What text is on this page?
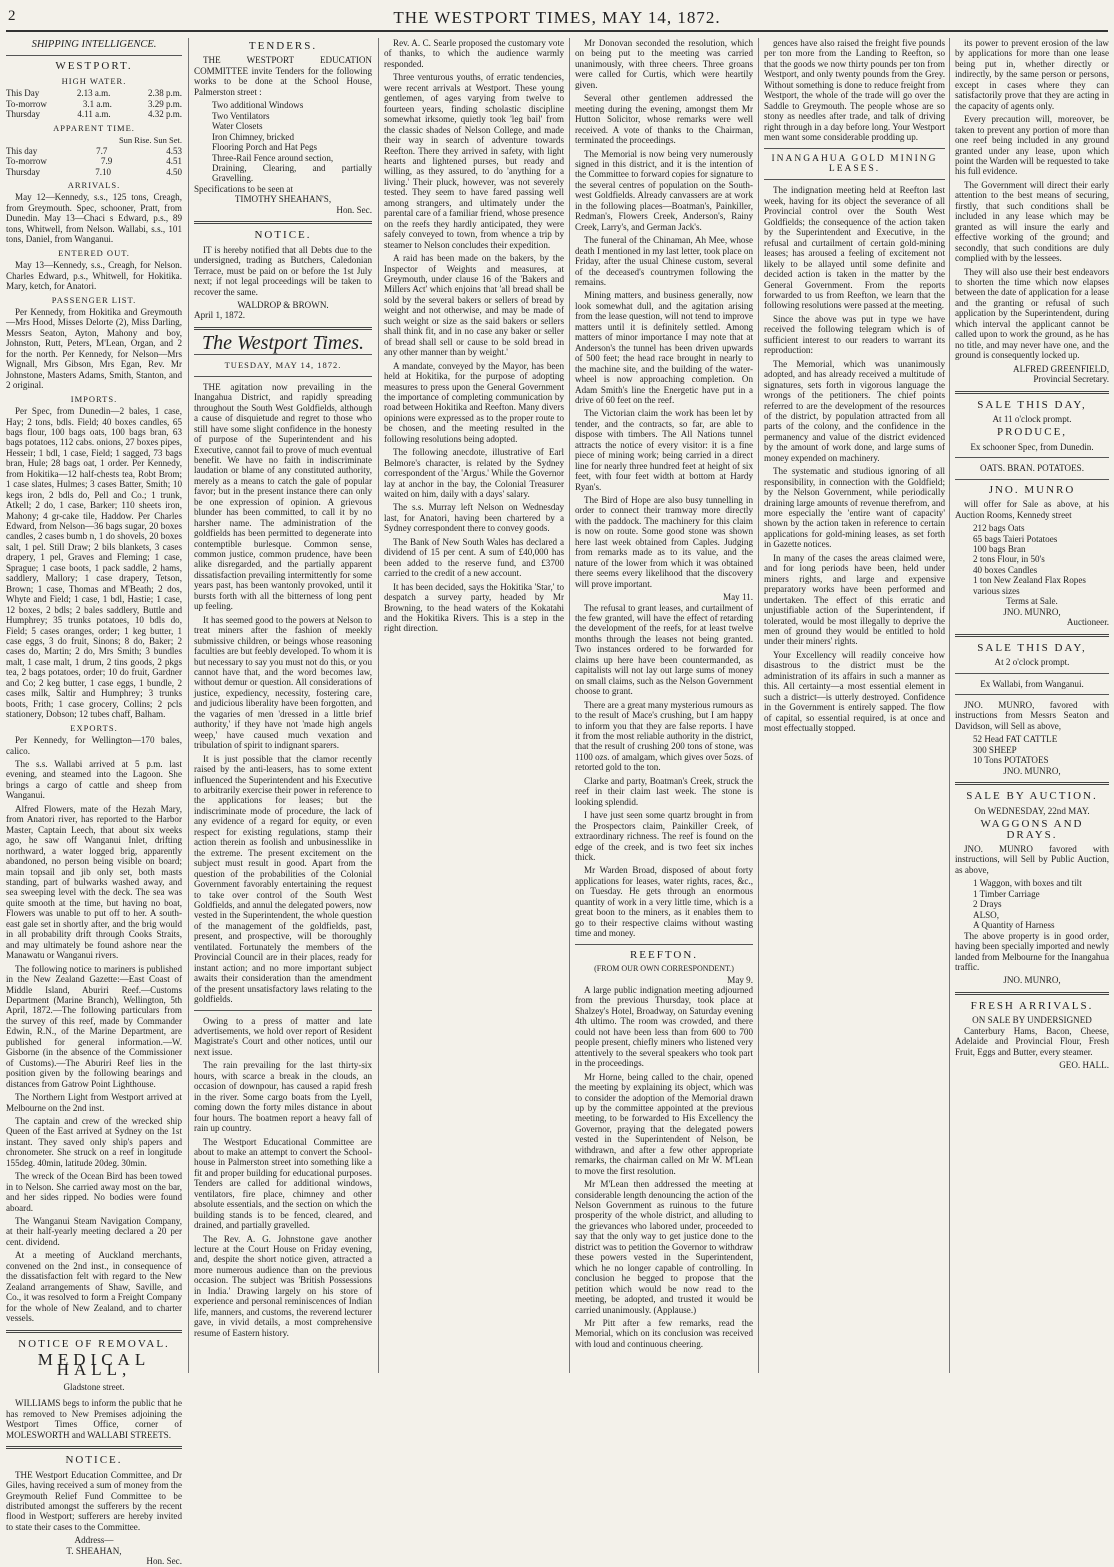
2	THE WESTPORT TIMES, MAY 14, 1872.
SHIPPING INTELLIGENCE.
WESTPORT.
HIGH WATER.
This Day	2.13 a.m.	2.38 p.m.
To-morrow	3.1 a.m.	3.29 p.m.
Thursday	4.11 a.m.	4.32 p.m.
APPARENT TIME.
Sun Rise. Sun Set.
This day	7.7	4.53
To-morrow	7.9	4.51
Thursday	7.10	4.50
ARRIVALS.

May 12—Kennedy, s.s., 125 tons, Creagh, from Greymouth. Spec, schooner, Pratt, from Dunedin. May 13—Chaci s Edward, p.s., 89 tons, Whitwell, from Nelson. Wallabi, s.s., 101 tons, Daniel, from Wanganui.

ENTERED OUT.

May 13—Kennedy, s.s., Creagh, for Nelson. Charles Edward, p.s., Whitwell, for Hokitika. Mary, ketch, for Anatori.

PASSENGER LIST.

Per Kennedy, from Hokitika and Greymouth—Mrs Hood, Misses Delorte (2), Miss Darling, Messrs Seaton, Ayton, Mahony and boy, Johnston, Rutt, Peters, M'Lean, Organ, and 2 for the north. Per Kennedy, for Nelson—Mrs Wignall, Mrs Gibson, Mrs Egan, Rev. Mr Johnstone, Masters Adams, Smith, Stanton, and 2 original.

IMPORTS.

Per Spec, from Dunedin—2 bales, 1 case, Hay; 2 tons, bdls. Field; 40 boxes candles, 65 bags flour, 100 bags oats, 100 bags bran, 63 bags potatoes, 112 cabs. onions, 27 boxes pipes, Hesseir; 1 bdl, 1 case, Field; 1 sagged, 73 bags bran, Hule; 28 bags oat, 1 order. Per Kennedy, from Hokitika—12 half-chests tea, Robt Brom; 1 case slates, Hulmes; 3 cases Batter, Smith; 10 kegs iron, 2 bdls do, Pell and Co.; 1 trunk, Atkell; 2 do, 1 case, Barker; 110 sheets iron, Mahony; 4 gr-cake tile, Haddow. Per Charles Edward, from Nelson—36 bags sugar, 20 boxes candles, 2 cases bumb n, 1 do shovels, 20 boxes salt, 1 pel. Still Draw; 2 bils blankets, 3 cases drapery, 1 pel, Graves and Fleming; 1 case, Sprague; 1 case boots, 1 pack saddle, 2 hams, saddlery, Mallory; 1 case drapery, Tetson, Brown; 1 case, Thomas and M'Beath; 2 dos, Whyte and Field; 1 case, 1 bdl, Hastie; 1 case, 12 boxes, 2 bdls; 2 bales saddlery, Buttle and Humphrey; 35 trunks potatoes, 10 bdls do, Field; 5 cases oranges, order; 1 keg butter, 1 case eggs, 3 do fruit, Sinons; 8 do, Baker; 2 cases do, Martin; 2 do, Mrs Smith; 3 bundles malt, 1 case malt, 1 drum, 2 tins goods, 2 pkgs tea, 2 bags potatoes, order; 10 do fruit, Gardner and Co; 2 keg butter, 1 case eggs, 1 bundle, 2 cases milk, Saltir and Humphrey; 3 trunks boots, Frith; 1 case grocery, Collins; 2 pcls stationery, Dobson; 12 tubes chaff, Balham.

EXPORTS.

Per Kennedy, for Wellington—170 bales, calico.

The s.s. Wallabi arrived at 5 p.m. last evening, and steamed into the Lagoon. She brings a cargo of cattle and sheep from Wanganui.

Alfred Flowers, mate of the Hezah Mary, from Anatori river, has reported to the Harbor Master, Captain Leech, that about six weeks ago, he saw off Wanganui Inlet, drifting northward, a water logged brig, apparently abandoned, no person being visible on board; main topsail and jib only set, both masts standing, part of bulwarks washed away, and sea sweeping level with the deck. The sea was quite smooth at the time, but having no boat, Flowers was unable to put off to her. A south-east gale set in shortly after, and the brig would in all probability drift through Cooks Straits, and may ultimately be found ashore near the Manawatu or Wanganui rivers.

The following notice to mariners is published in the New Zealand Gazette:—East Coast of Middle Island, Aburiri Reef.—Customs Department (Marine Branch), Wellington, 5th April, 1872.—The following particulars from the survey of this reef, made by Commander Edwin, R.N., of the Marine Department, are published for general information.—W. Gisborne (in the absence of the Commissioner of Customs).—The Aburiri Reef lies in the position given by the following bearings and distances from Gatrow Point Lighthouse.

The Northern Light from Westport arrived at Melbourne on the 2nd inst.

The captain and crew of the wrecked ship Queen of the East arrived at Sydney on the 1st instant. They saved only ship's papers and chronometer. She struck on a reef in longitude 155deg. 40min, latitude 20deg. 30min.

The wreck of the Ocean Bird has been towed in to Nelson. She carried away most on the bar, and her sides ripped. No bodies were found aboard.

The Wanganui Steam Navigation Company, at their half-yearly meeting declared a 20 per cent. dividend.

At a meeting of Auckland merchants, convened on the 2nd inst., in consequence of the dissatisfaction felt with regard to the New Zealand arrangements of Shaw, Saville, and Co., it was resolved to form a Freight Company for the whole of New Zealand, and to charter vessels.

NOTICE OF REMOVAL.
MEDICAL HALL,
Gladstone street.

WILLIAMS begs to inform the public that he has removed to New Premises adjoining the Westport Times Office, corner of MOLESWORTH and WALLABI STREETS.

NOTICE.

THE Westport Education Committee, and Dr Giles, having received a sum of money from the Greymouth Relief Fund Committee to be distributed amongst the sufferers by the recent flood in Westport; sufferers are hereby invited to state their cases to the Committee.

Address—
T. SHEAHAN,
Hon. Sec.
TENDERS.

THE WESTPORT EDUCATION COMMITTEE invite Tenders for the following works to be done at the School House, Palmerston street :

Two additional Windows
Two Ventilators
Water Closets
Iron Chimney, bricked
Flooring Porch and Hat Pegs
Three-Rail Fence around section,
Draining, Clearing, and partially Gravelling.
Specifications to be seen at
TIMOTHY SHEAHAN'S,
Hon. Sec.
NOTICE.

IT is hereby notified that all Debts due to the undersigned, trading as Butchers, Caledonian Terrace, must be paid on or before the 1st July next; if not legal proceedings will be taken to recover the same.

WALDROP & BROWN.
April 1, 1872.
The Westport Times.
TUESDAY, MAY 14, 1872.

THE agitation now prevailing in the Inangahua District, and rapidly spreading throughout the South West Goldfields, although a cause of disquietude and regret to those who still have some slight confidence in the honesty of purpose of the Superintendent and his Executive, cannot fail to prove of much eventual benefit. We have no faith in indiscriminate laudation or blame of any constituted authority, merely as a means to catch the gale of popular favor; but in the present instance there can only be one expression of opinion. A grievous blunder has been committed, to call it by no harsher name. The administration of the goldfields has been permitted to degenerate into contemptible burlesque. Common sense, common justice, common prudence, have been alike disregarded, and the partially apparent dissatisfaction prevailing intermittently for some years past, has been wantonly provoked, until it bursts forth with all the bitterness of long pent up feeling.

It has seemed good to the powers at Nelson to treat miners after the fashion of meekly submissive children, or beings whose reasoning faculties are but feebly developed. To whom it is but necessary to say you must not do this, or you cannot have that, and the word becomes law, without demur or question. All considerations of justice, expediency, necessity, fostering care, and judicious liberality have been forgotten, and the vagaries of men 'dressed in a little brief authority,' if they have not 'made high angels weep,' have caused much vexation and tribulation of spirit to indignant sparers.

It is just possible that the clamor recently raised by the anti-leasers, has to some extent influenced the Superintendent and his Executive to arbitrarily exercise their power in reference to the applications for leases; but the indiscriminate mode of procedure, the lack of any evidence of a regard for equity, or even respect for existing regulations, stamp their action therein as foolish and unbusinesslike in the extreme. The present excitement on the subject must result in good. Apart from the question of the probabilities of the Colonial Government favorably entertaining the request to take over control of the South West Goldfields, and annul the delegated powers, now vested in the Superintendent, the whole question of the management of the goldfields, past, present, and prospective, will be thoroughly ventilated. Fortunately the members of the Provincial Council are in their places, ready for instant action; and no more important subject awaits their consideration than the amendment of the present unsatisfactory laws relating to the goldfields.

Owing to a press of matter and late advertisements, we hold over report of Resident Magistrate's Court and other notices, until our next issue.

The rain prevailing for the last thirty-six hours, with scarce a break in the clouds, an occasion of downpour, has caused a rapid fresh in the river. Some cargo boats from the Lyell, coming down the forty miles distance in about four hours. The boatmen report a heavy fall of rain up country.

The Westport Educational Committee are about to make an attempt to convert the School-house in Palmerston street into something like a fit and proper building for educational purposes. Tenders are called for additional windows, ventilators, fire place, chimney and other absolute essentials, and the section on which the building stands is to be fenced, cleared, and drained, and partially gravelled.

The Rev. A. G. Johnstone gave another lecture at the Court House on Friday evening, and, despite the short notice given, attracted a more numerous audience than on the previous occasion. The subject was 'British Possessions in India.' Drawing largely on his store of experience and personal reminiscences of Indian life, manners, and customs, the reverend lecturer gave, in vivid details, a most comprehensive resume of Eastern history.

Rev. A. C. Searle proposed the customary vote of thanks, to which the audience warmly responded.

Three venturous youths, of erratic tendencies, were recent arrivals at Westport. These young gentlemen, of ages varying from twelve to fourteen years, finding scholastic discipline somewhat irksome, quietly took 'leg bail' from the classic shades of Nelson College, and made their way in search of adventure towards Reefton. There they arrived in safety, with light hearts and lightened purses, but ready and willing, as they assured, to do 'anything for a living.' Their pluck, however, was not severely tested. They seem to have fared passing well among strangers, and ultimately under the parental care of a familiar friend, whose presence on the reefs they hardly anticipated, they were safely conveyed to town, from whence a trip by steamer to Nelson concludes their expedition.

A raid has been made on the bakers, by the Inspector of Weights and measures, at Greymouth, under clause 16 of the 'Bakers and Millers Act' which enjoins that 'all bread shall be sold by the several bakers or sellers of bread by weight and not otherwise, and may be made of such weight or size as the said bakers or sellers shall think fit, and in no case any baker or seller of bread shall sell or cause to be sold bread in any other manner than by weight.'

A mandate, conveyed by the Mayor, has been held at Hokitika, for the purpose of adopting measures to press upon the General Government the importance of completing communication by road between Hokitika and Reefton. Many divers opinions were expressed as to the proper route to be chosen, and the meeting resulted in the following resolutions being adopted.

The following anecdote, illustrative of Earl Belmore's character, is related by the Sydney correspondent of the 'Argus.' While the Governor lay at anchor in the bay, the Colonial Treasurer waited on him, daily with a days' salary.

The s.s. Murray left Nelson on Wednesday last, for Anatori, having been chartered by a Sydney correspondent there to convey goods.

The Bank of New South Wales has declared a dividend of 15 per cent. A sum of £40,000 has been added to the reserve fund, and £3700 carried to the credit of a new account.

It has been decided, says the Hokitika 'Star,' to despatch a survey party, headed by Mr Browning, to the head waters of the Kokatahi and the Hokitika Rivers. This is a step in the right direction.

Mr Donovan seconded the resolution, which on being put to the meeting was carried unanimously, with three cheers. Three groans were called for Curtis, which were heartily given.

Several other gentlemen addressed the meeting during the evening, amongst them Mr Hutton Solicitor, whose remarks were well received. A vote of thanks to the Chairman, terminated the proceedings.

The Memorial is now being very numerously signed in this district, and it is the intention of the Committee to forward copies for signature to the several centres of population on the South-west Goldfields. Already canvassers are at work in the following places—Boatman's, Painkiller, Redman's, Flowers Creek, Anderson's, Rainy Creek, Larry's, and German Jack's.

The funeral of the Chinaman, Ah Mee, whose death I mentioned in my last letter, took place on Friday, after the usual Chinese custom, several of the deceased's countrymen following the remains.

Mining matters, and business generally, now look somewhat dull, and the agitation arising from the lease question, will not tend to improve matters until it is definitely settled. Among matters of minor importance I may note that at Anderson's the tunnel has been driven upwards of 500 feet; the head race brought in nearly to the machine site, and the building of the water-wheel is now approaching completion. On Adam Smith's line the Energetic have put in a drive of 60 feet on the reef.

The Victorian claim the work has been let by tender, and the contracts, so far, are able to dispose with timbers. The All Nations tunnel attracts the notice of every visitor: it is a fine piece of mining work; being carried in a direct line for nearly three hundred feet at height of six feet, with four feet width at bottom at Hardy Ryan's.

The Bird of Hope are also busy tunnelling in order to connect their tramway more directly with the paddock. The machinery for this claim is now on route. Some good stone was shown here last week obtained from Caples. Judging from remarks made as to its value, and the nature of the lower from which it was obtained there seems every likelihood that the discovery will prove important.

May 11.

The refusal to grant leases, and curtailment of the few granted, will have the effect of retarding the development of the reefs, for at least twelve months through the leases not being granted. Two instances ordered to be forwarded for claims up here have been countermanded, as capitalists will not lay out large sums of money on small claims, such as the Nelson Government choose to grant.

There are a great many mysterious rumours as to the result of Mace's crushing, but I am happy to inform you that they are false reports. I have it from the most reliable authority in the district, that the result of crushing 200 tons of stone, was 1100 ozs. of amalgam, which gives over 5ozs. of retorted gold to the ton.

Clarke and party, Boatman's Creek, struck the reef in their claim last week. The stone is looking splendid.

I have just seen some quartz brought in from the Prospectors claim, Painkiller Creek, of extraordinary richness. The reef is found on the edge of the creek, and is two feet six inches thick.

Mr Warden Broad, disposed of about forty applications for leases, water rights, races, &c., on Tuesday. He gets through an enormous quantity of work in a very little time, which is a great boon to the miners, as it enables them to go to their respective claims without wasting time and money.

REEFTON.
(FROM OUR OWN CORRESPONDENT.)
May 9.

A large public indignation meeting adjourned from the previous Thursday, took place at Shalzey's Hotel, Broadway, on Saturday evening 4th ultimo. The room was crowded, and there could not have been less than from 600 to 700 people present, chiefly miners who listened very attentively to the several speakers who took part in the proceedings.

Mr Horne, being called to the chair, opened the meeting by explaining its object, which was to consider the adoption of the Memorial drawn up by the committee appointed at the previous meeting, to be forwarded to His Excellency the Governor, praying that the delegated powers vested in the Superintendent of Nelson, be withdrawn, and after a few other appropriate remarks, the chairman called on Mr W. M'Lean to move the first resolution.

Mr M'Lean then addressed the meeting at considerable length denouncing the action of the Nelson Government as ruinous to the future prosperity of the whole district, and alluding to the grievances who labored under, proceeded to say that the only way to get justice done to the district was to petition the Governor to withdraw these powers vested in the Superintendent, which he no longer capable of controlling. In conclusion he begged to propose that the petition which would be now read to the meeting, be adopted, and trusted it would be carried unanimously. (Applause.)

Mr Pitt after a few remarks, read the Memorial, which on its conclusion was received with loud and continuous cheering.

gences have also raised the freight five pounds per ton more from the Landing to Reefton, so that the goods we now thirty pounds per ton from Westport, and only twenty pounds from the Grey. Without something is done to reduce freight from Westport, the whole of the trade will go over the Saddle to Greymouth. The people whose are so stony as needles after trade, and talk of driving right through in a day before long. Your Westport men want some considerable prodding up.

INANGAHUA GOLD MINING LEASES.

The indignation meeting held at Reefton last week, having for its object the severance of all Provincial control over the South West Goldfields; the consequence of the action taken by the Superintendent and Executive, in the refusal and curtailment of certain gold-mining leases; has aroused a feeling of excitement not likely to be allayed until some definite and decided action is taken in the matter by the General Government. From the reports forwarded to us from Reefton, we learn that the following resolutions were passed at the meeting.

Since the above was put in type we have received the following telegram which is of sufficient interest to our readers to warrant its reproduction:

The Memorial, which was unanimously adopted, and has already received a multitude of signatures, sets forth in vigorous language the wrongs of the petitioners. The chief points referred to are the development of the resources of the district, by population attracted from all parts of the colony, and the confidence in the permanency and value of the district evidenced by the amount of work done, and large sums of money expended on machinery.

The systematic and studious ignoring of all responsibility, in connection with the Goldfield; by the Nelson Government, while periodically draining large amounts of revenue therefrom, and more especially the 'entire want of capacity' shown by the action taken in reference to certain applications for gold-mining leases, as set forth in Gazette notices.

In many of the cases the areas claimed were, and for long periods have been, held under miners rights, and large and expensive preparatory works have been performed and undertaken. The effect of this erratic and unjustifiable action of the Superintendent, if tolerated, would be most illegally to deprive the men of ground they would be entitled to hold under their miners' rights.

Your Excellency will readily conceive how disastrous to the district must be the administration of its affairs in such a manner as this. All certainty—a most essential element in such a district—is utterly destroyed. Confidence in the Government is entirely sapped. The flow of capital, so essential required, is at once and most effectually stopped.

its power to prevent erosion of the law by applications for more than one lease being put in, whether directly or indirectly, by the same person or persons, except in cases where they can satisfactorily prove that they are acting in the capacity of agents only.

Every precaution will, moreover, be taken to prevent any portion of more than one reef being included in any ground granted under any lease, upon which point the Warden will be requested to take his full evidence.

The Government will direct their early attention to the best means of securing, firstly, that such conditions shall be included in any lease which may be granted as will insure the early and effective working of the ground; and secondly, that such conditions are duly complied with by the lessees.

They will also use their best endeavors to shorten the time which now elapses between the date of application for a lease and the granting or refusal of such application by the Superintendent, during which interval the applicant cannot be called upon to work the ground, as he has no title, and may never have one, and the ground is consequently locked up.

ALFRED GREENFIELD,
Provincial Secretary.
SALE THIS DAY,
At 11 o'clock prompt.
PRODUCE,
Ex schooner Spec, from Dunedin.
OATS. BRAN. POTATOES.
JNO. MUNRO

will offer for Sale as above, at his Auction Rooms, Kennedy street

212 bags Oats
65 bags Taieri Potatoes
100 bags Bran
2 tons Flour, in 50's
40 boxes Candles
1 ton New Zealand Flax Ropes
various sizes
Terms at Sale.
JNO. MUNRO,
Auctioneer.
SALE THIS DAY,
At 2 o'clock prompt.
Ex Wallabi, from Wanganui.

JNO. MUNRO, favored with instructions from Messrs Seaton and Davidson, will Sell as above,

52 Head FAT CATTLE
300 SHEEP
10 Tons POTATOES
JNO. MUNRO,
SALE BY AUCTION.
On WEDNESDAY, 22nd MAY.
WAGGONS AND DRAYS.

JNO. MUNRO favored with instructions, will Sell by Public Auction, as above,

1 Waggon, with boxes and tilt
1 Timber Carriage
2 Drays
ALSO,
A Quantity of Harness

The above property is in good order, having been specially imported and newly landed from Melbourne for the Inangahua traffic.

JNO. MUNRO,
FRESH ARRIVALS.
ON SALE BY UNDERSIGNED

Canterbury Hams, Bacon, Cheese, Adelaide and Provincial Flour, Fresh Fruit, Eggs and Butter, every steamer.

GEO. HALL.
